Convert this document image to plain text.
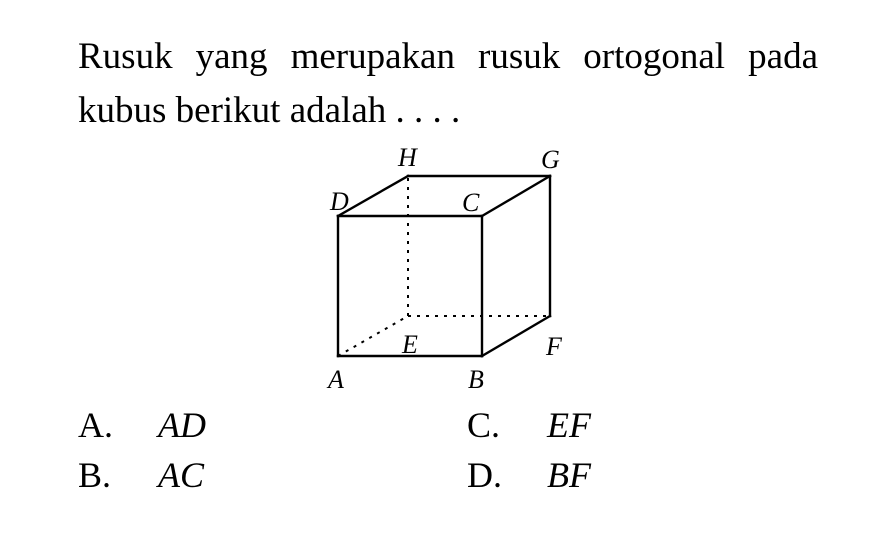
Rusuk yang merupakan rusuk ortogonal pada kubus berikut adalah . . . .
H	G
D	C
E	F
A	B
A. AD
B. AC
C. EF
D. BF
